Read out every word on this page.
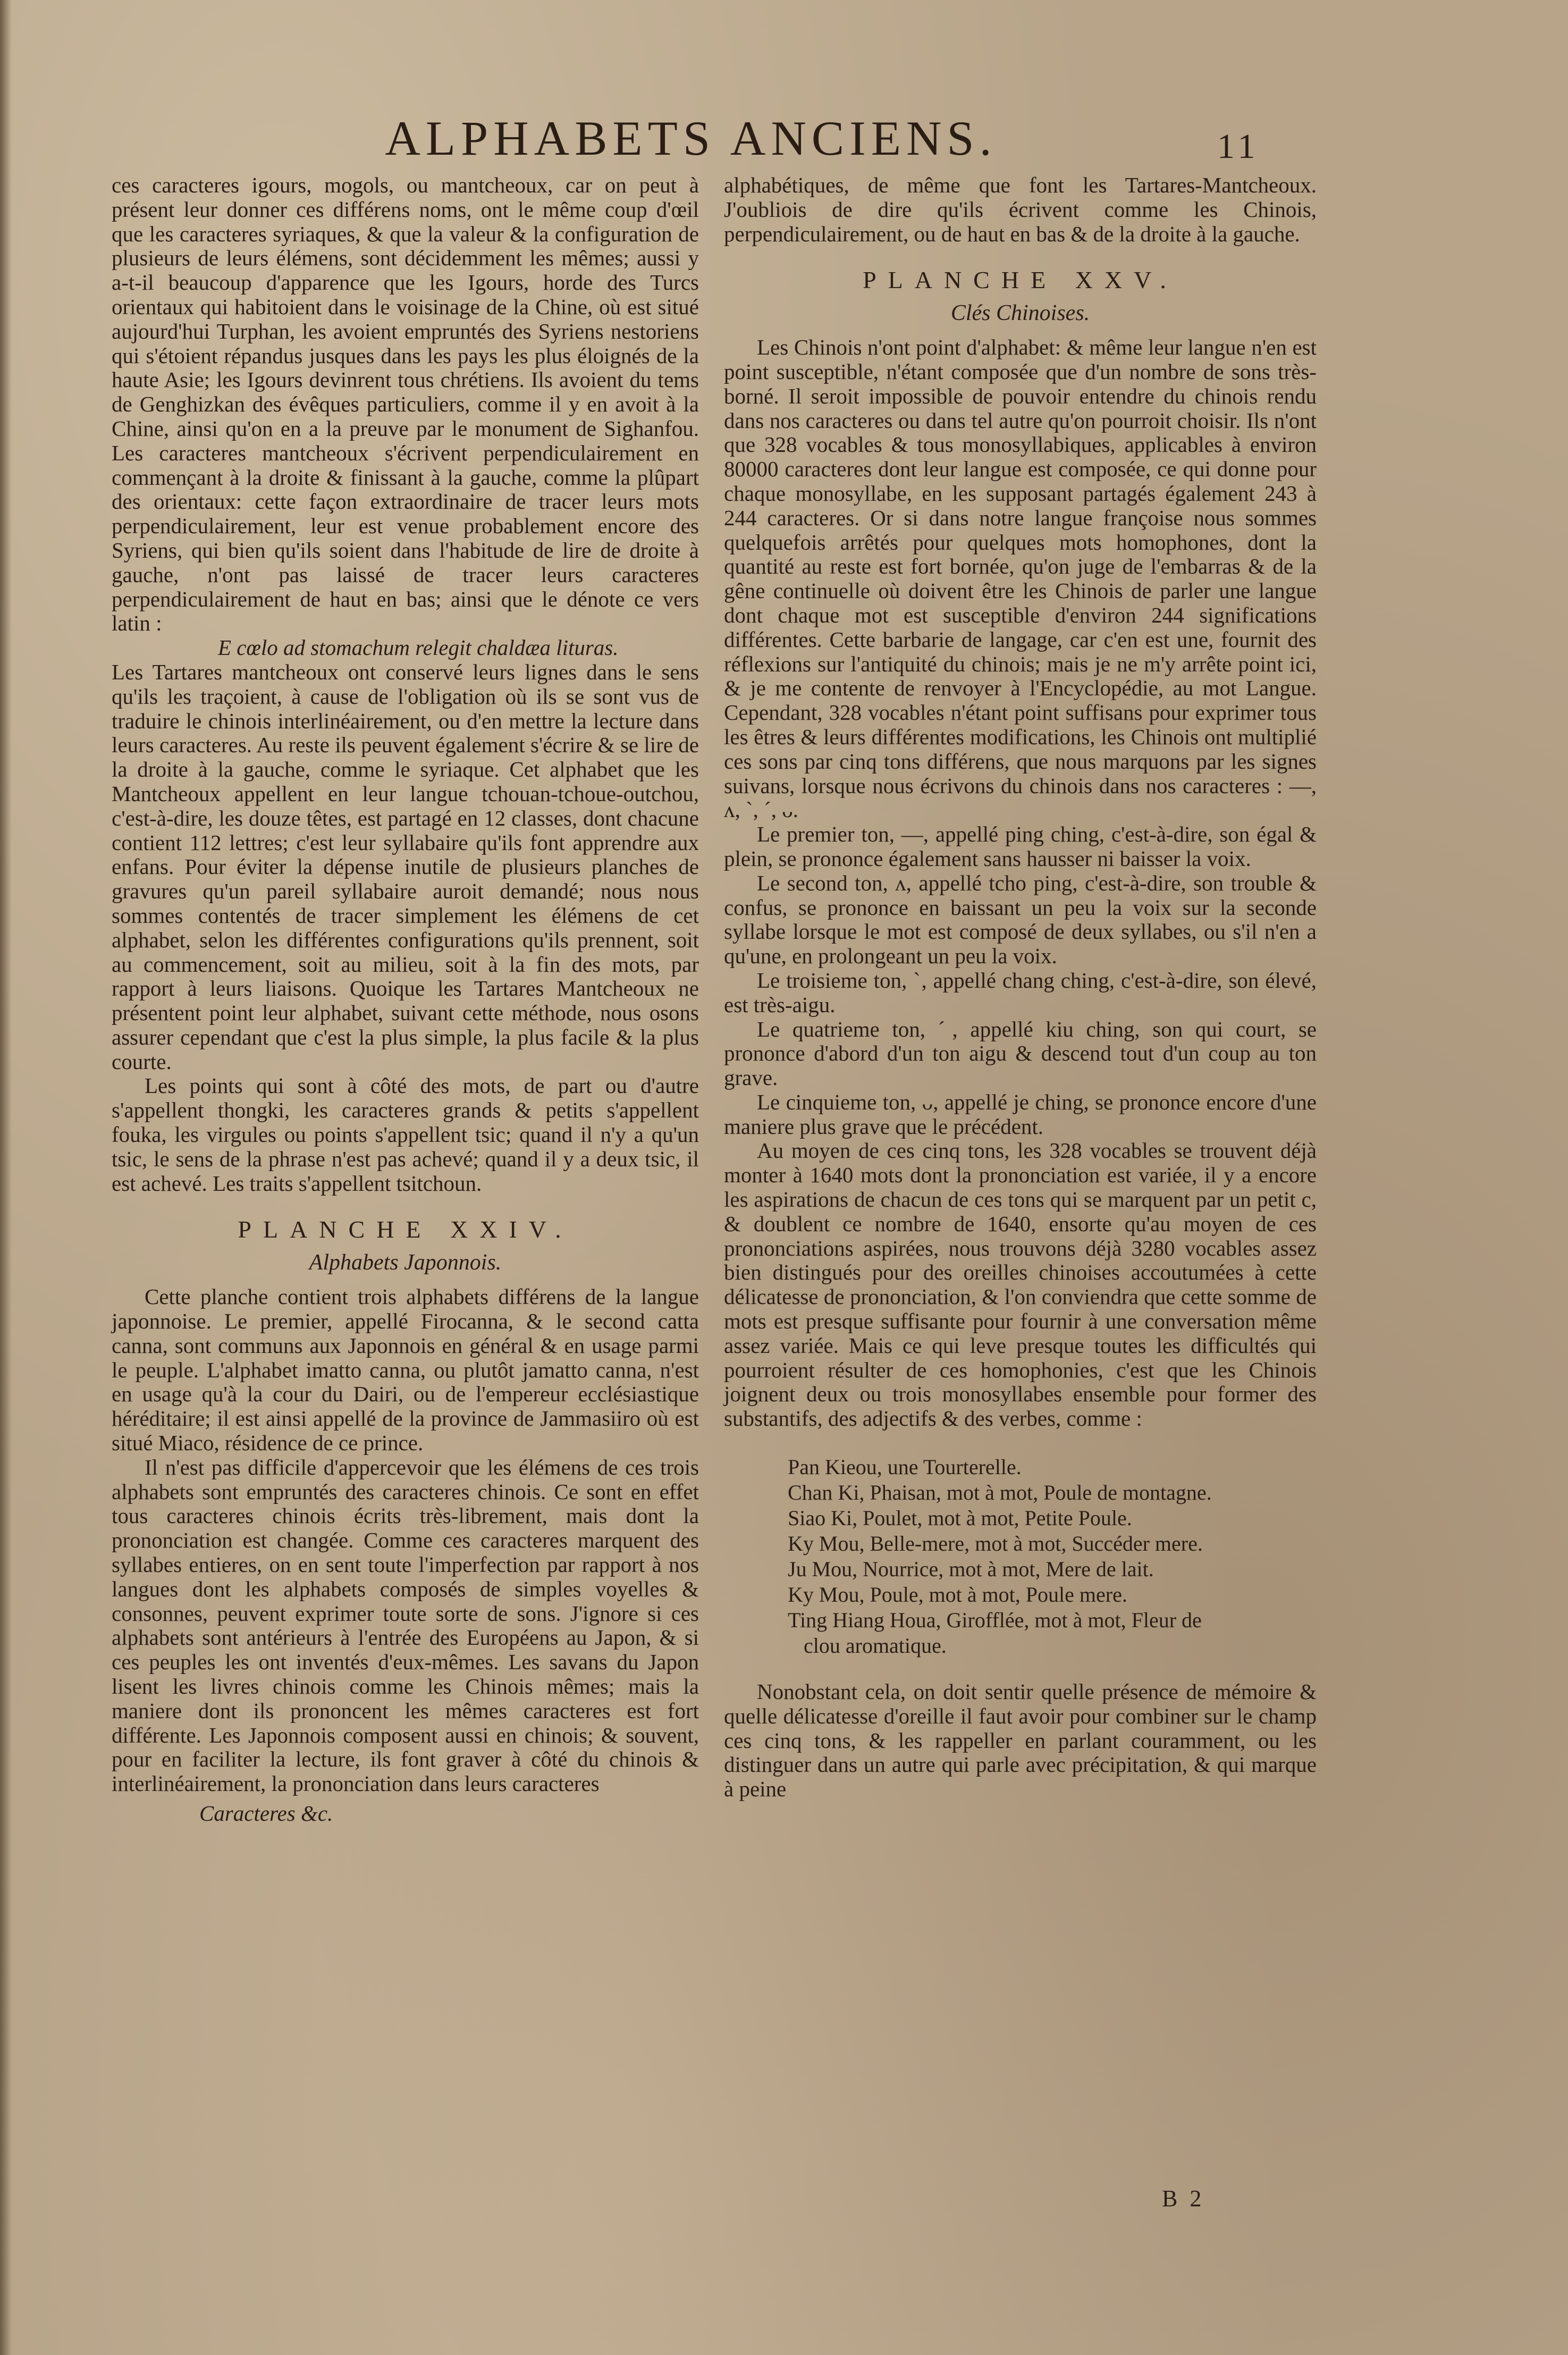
ALPHABETS ANCIENS.	11

ces caracteres igours, mogols, ou mantcheoux, car on peut à présent leur donner ces différens noms, ont le même coup d'œil que les caracteres syriaques, & que la valeur & la configuration de plusieurs de leurs élémens, sont décidemment les mêmes; aussi y a-t-il beaucoup d'apparence que les Igours, horde des Turcs orientaux qui habitoient dans le voisinage de la Chine, où est situé aujourd'hui Turphan, les avoient empruntés des Syriens nestoriens qui s'étoient répandus jusques dans les pays les plus éloignés de la haute Asie; les Igours devinrent tous chrétiens. Ils avoient du tems de Genghizkan des évêques particuliers, comme il y en avoit à la Chine, ainsi qu'on en a la preuve par le monument de Sighanfou. Les caracteres mantcheoux s'écrivent perpendiculairement en commençant à la droite & finissant à la gauche, comme la plûpart des orientaux: cette façon extraordinaire de tracer leurs mots perpendiculairement, leur est venue probablement encore des Syriens, qui bien qu'ils soient dans l'habitude de lire de droite à gauche, n'ont pas laissé de tracer leurs caracteres perpendiculairement de haut en bas; ainsi que le dénote ce vers latin :

E cœlo ad stomachum relegit chaldæa lituras.

Les Tartares mantcheoux ont conservé leurs lignes dans le sens qu'ils les traçoient, à cause de l'obligation où ils se sont vus de traduire le chinois interlinéairement, ou d'en mettre la lecture dans leurs caracteres. Au reste ils peuvent également s'écrire & se lire de la droite à la gauche, comme le syriaque. Cet alphabet que les Mantcheoux appellent en leur langue tchouan-tchoue-outchou, c'est-à-dire, les douze têtes, est partagé en 12 classes, dont chacune contient 112 lettres; c'est leur syllabaire qu'ils font apprendre aux enfans. Pour éviter la dépense inutile de plusieurs planches de gravures qu'un pareil syllabaire auroit demandé; nous nous sommes contentés de tracer simplement les élémens de cet alphabet, selon les différentes configurations qu'ils prennent, soit au commencement, soit au milieu, soit à la fin des mots, par rapport à leurs liaisons. Quoique les Tartares Mantcheoux ne présentent point leur alphabet, suivant cette méthode, nous osons assurer cependant que c'est la plus simple, la plus facile & la plus courte.

Les points qui sont à côté des mots, de part ou d'autre s'appellent thongki, les caracteres grands & petits s'appellent fouka, les virgules ou points s'appellent tsic; quand il n'y a qu'un tsic, le sens de la phrase n'est pas achevé; quand il y a deux tsic, il est achevé. Les traits s'appellent tsitchoun.

PLANCHE XXIV.
Alphabets Japonnois.

Cette planche contient trois alphabets différens de la langue japonnoise. Le premier, appellé Firocanna, & le second catta canna, sont communs aux Japonnois en général & en usage parmi le peuple. L'alphabet imatto canna, ou plutôt jamatto canna, n'est en usage qu'à la cour du Dairi, ou de l'empereur ecclésiastique héréditaire; il est ainsi appellé de la province de Jammasiiro où est situé Miaco, résidence de ce prince.

Il n'est pas difficile d'appercevoir que les élémens de ces trois alphabets sont empruntés des caracteres chinois. Ce sont en effet tous caracteres chinois écrits très-librement, mais dont la prononciation est changée. Comme ces caracteres marquent des syllabes entieres, on en sent toute l'imperfection par rapport à nos langues dont les alphabets composés de simples voyelles & consonnes, peuvent exprimer toute sorte de sons. J'ignore si ces alphabets sont antérieurs à l'entrée des Européens au Japon, & si ces peuples les ont inventés d'eux-mêmes. Les savans du Japon lisent les livres chinois comme les Chinois mêmes; mais la maniere dont ils prononcent les mêmes caracteres est fort différente. Les Japonnois composent aussi en chinois; & souvent, pour en faciliter la lecture, ils font graver à côté du chinois & interlinéairement, la prononciation dans leurs caracteres

Caracteres &c.

alphabétiques, de même que font les Tartares-Mantcheoux. J'oubliois de dire qu'ils écrivent comme les Chinois, perpendiculairement, ou de haut en bas & de la droite à la gauche.

PLANCHE XXV.
Clés Chinoises.

Les Chinois n'ont point d'alphabet: & même leur langue n'en est point susceptible, n'étant composée que d'un nombre de sons très-borné. Il seroit impossible de pouvoir entendre du chinois rendu dans nos caracteres ou dans tel autre qu'on pourroit choisir. Ils n'ont que 328 vocables & tous monosyllabiques, applicables à environ 80000 caracteres dont leur langue est composée, ce qui donne pour chaque monosyllabe, en les supposant partagés également 243 à 244 caracteres. Or si dans notre langue françoise nous sommes quelquefois arrêtés pour quelques mots homophones, dont la quantité au reste est fort bornée, qu'on juge de l'embarras & de la gêne continuelle où doivent être les Chinois de parler une langue dont chaque mot est susceptible d'environ 244 significations différentes. Cette barbarie de langage, car c'en est une, fournit des réflexions sur l'antiquité du chinois; mais je ne m'y arrête point ici, & je me contente de renvoyer à l'Encyclopédie, au mot Langue. Cependant, 328 vocables n'étant point suffisans pour exprimer tous les êtres & leurs différentes modifications, les Chinois ont multiplié ces sons par cinq tons différens, que nous marquons par les signes suivans, lorsque nous écrivons du chinois dans nos caracteres : —, ʌ, ˋ, ˊ, ᴗ.

Le premier ton, —, appellé ping ching, c'est-à-dire, son égal & plein, se prononce également sans hausser ni baisser la voix.

Le second ton, ʌ, appellé tcho ping, c'est-à-dire, son trouble & confus, se prononce en baissant un peu la voix sur la seconde syllabe lorsque le mot est composé de deux syllabes, ou s'il n'en a qu'une, en prolongeant un peu la voix.

Le troisieme ton, ˋ, appellé chang ching, c'est-à-dire, son élevé, est très-aigu.

Le quatrieme ton, ˊ, appellé kiu ching, son qui court, se prononce d'abord d'un ton aigu & descend tout d'un coup au ton grave.

Le cinquieme ton, ᴗ, appellé je ching, se prononce encore d'une maniere plus grave que le précédent.

Au moyen de ces cinq tons, les 328 vocables se trouvent déjà monter à 1640 mots dont la prononciation est variée, il y a encore les aspirations de chacun de ces tons qui se marquent par un petit c, & doublent ce nombre de 1640, ensorte qu'au moyen de ces prononciations aspirées, nous trouvons déjà 3280 vocables assez bien distingués pour des oreilles chinoises accoutumées à cette délicatesse de prononciation, & l'on conviendra que cette somme de mots est presque suffisante pour fournir à une conversation même assez variée. Mais ce qui leve presque toutes les difficultés qui pourroient résulter de ces homophonies, c'est que les Chinois joignent deux ou trois monosyllabes ensemble pour former des substantifs, des adjectifs & des verbes, comme :

Pan Kieou, une Tourterelle.
Chan Ki, Phaisan, mot à mot, Poule de montagne.
Siao Ki, Poulet, mot à mot, Petite Poule.
Ky Mou, Belle-mere, mot à mot, Succéder mere.
Ju Mou, Nourrice, mot à mot, Mere de lait.
Ky Mou, Poule, mot à mot, Poule mere.
Ting Hiang Houa, Girofflée, mot à mot, Fleur de
clou aromatique.

Nonobstant cela, on doit sentir quelle présence de mémoire & quelle délicatesse d'oreille il faut avoir pour combiner sur le champ ces cinq tons, & les rappeller en parlant couramment, ou les distinguer dans un autre qui parle avec précipitation, & qui marque à peine

B 2
